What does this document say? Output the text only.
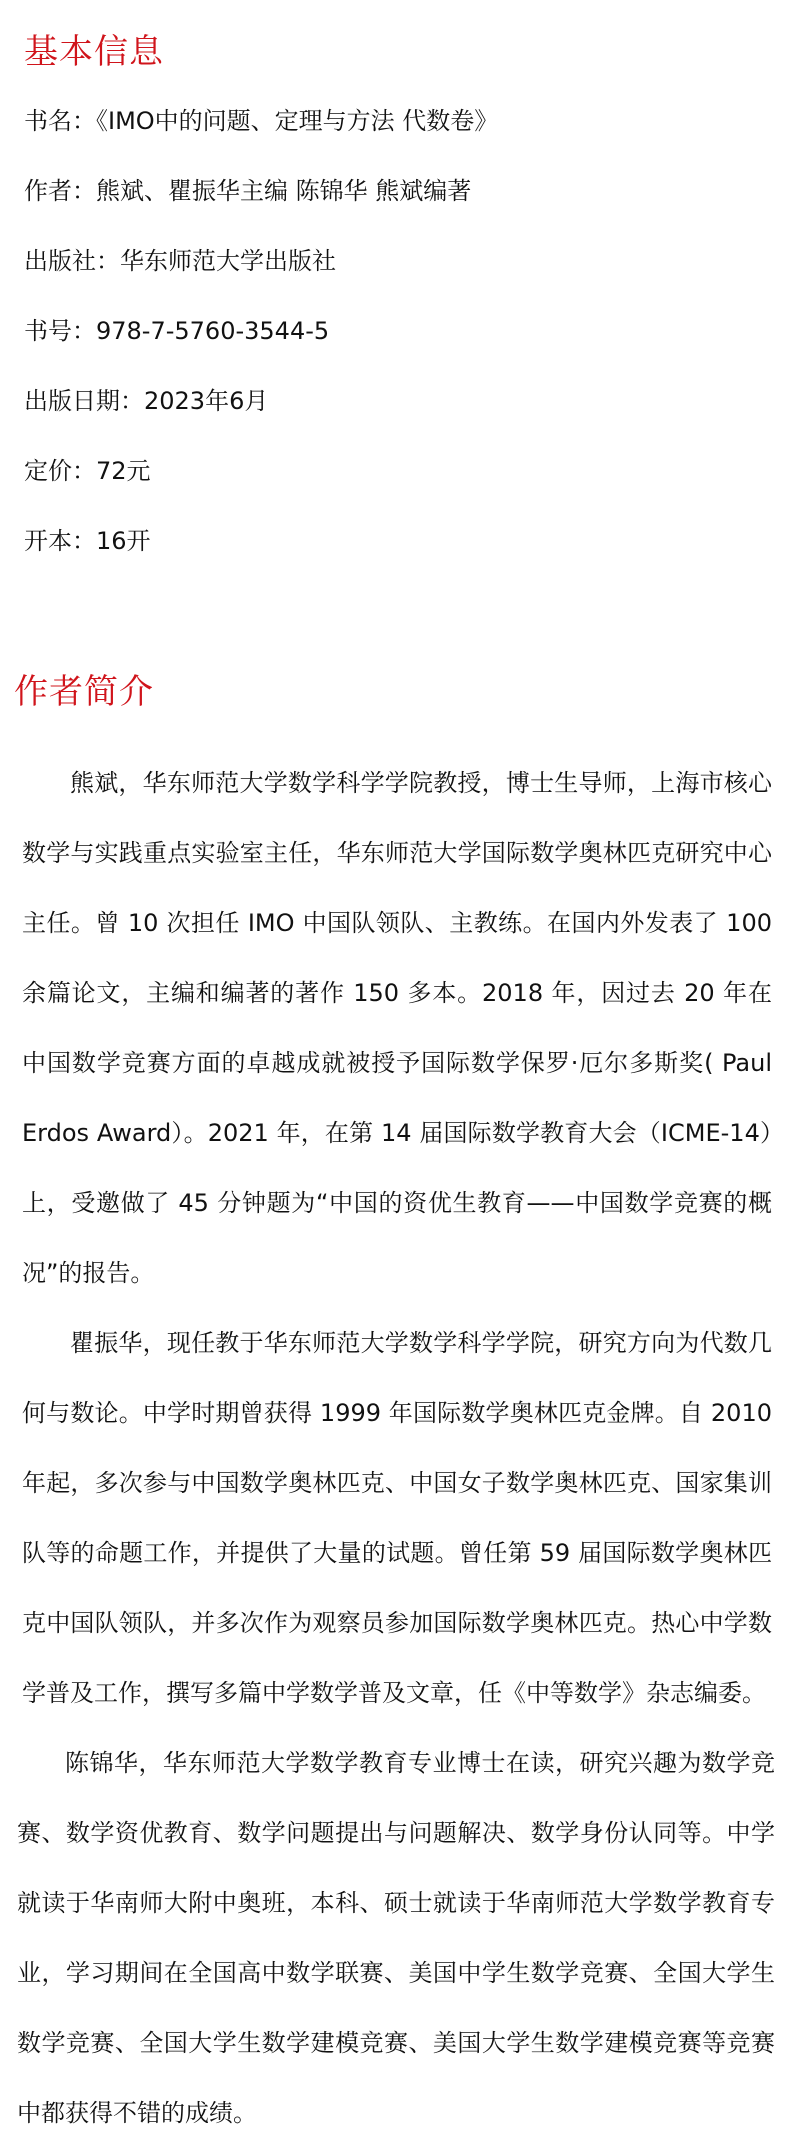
基本信息
书名：《IMO中的问题、定理与方法 代数卷》
作者：熊斌、瞿振华主编 陈锦华 熊斌编著
出版社：华东师范大学出版社
书号：978-7-5760-3544-5
出版日期：2023年6月
定价：72元
开本：16开
作者简介

熊斌，华东师范大学数学科学学院教授，博士生导师，上海市核心数学与实践重点实验室主任，华东师范大学国际数学奥林匹克研究中心主任。曾 10 次担任 IMO 中国队领队、主教练。在国内外发表了 100 余篇论文，主编和编著的著作 150 多本。2018 年，因过去 20 年在中国数学竞赛方面的卓越成就被授予国际数学保罗·厄尔多斯奖( Paul Erdos Award）。2021 年，在第 14 届国际数学教育大会（ICME-14）上，受邀做了 45 分钟题为“中国的资优生教育——中国数学竞赛的概况”的报告。

瞿振华，现任教于华东师范大学数学科学学院，研究方向为代数几何与数论。中学时期曾获得 1999 年国际数学奥林匹克金牌。自 2010 年起，多次参与中国数学奥林匹克、中国女子数学奥林匹克、国家集训队等的命题工作，并提供了大量的试题。曾任第 59 届国际数学奥林匹克中国队领队，并多次作为观察员参加国际数学奥林匹克。热心中学数学普及工作，撰写多篇中学数学普及文章，任《中等数学》杂志编委。

陈锦华，华东师范大学数学教育专业博士在读，研究兴趣为数学竞赛、数学资优教育、数学问题提出与问题解决、数学身份认同等。中学就读于华南师大附中奥班，本科、硕士就读于华南师范大学数学教育专业，学习期间在全国高中数学联赛、美国中学生数学竞赛、全国大学生数学竞赛、全国大学生数学建模竞赛、美国大学生数学建模竞赛等竞赛中都获得不错的成绩。
